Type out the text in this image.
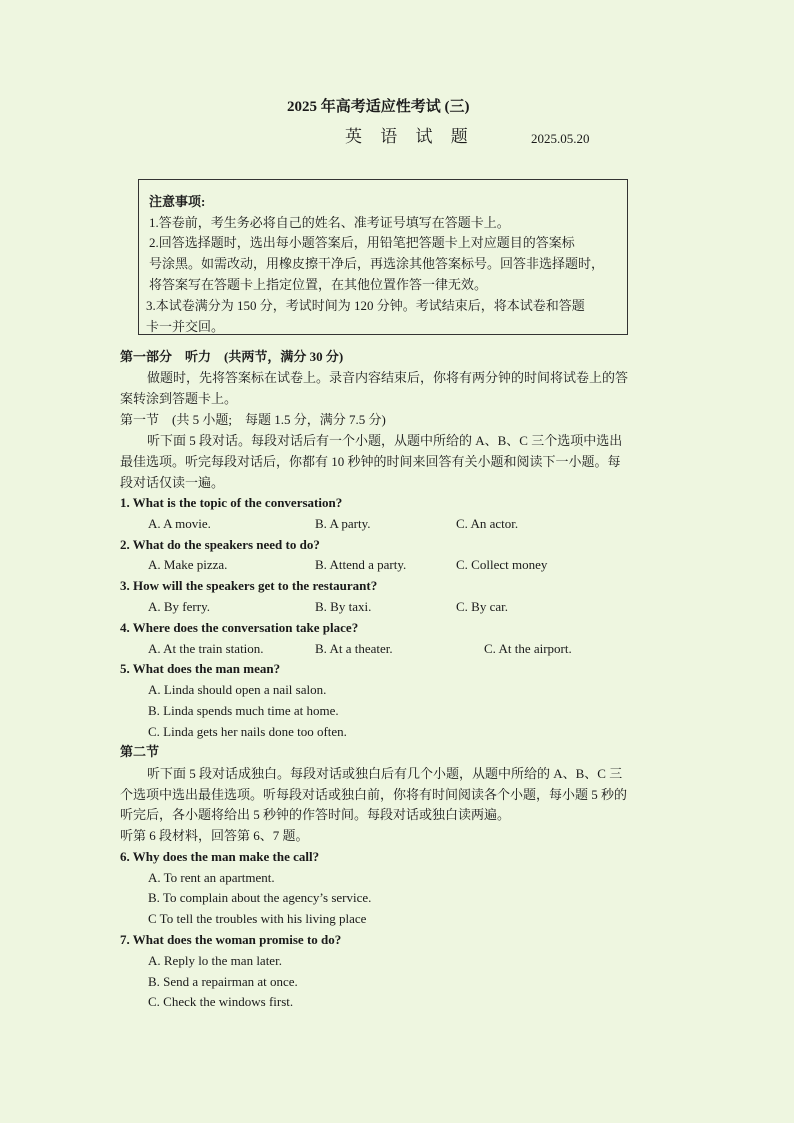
2025 年高考适应性考试 (三)
英 语 试 题	2025.05.20
注意事项:
1.答卷前，考生务必将自己的姓名、准考证号填写在答题卡上。
2.回答选择题时，选出每小题答案后，用铅笔把答题卡上对应题目的答案标
号涂黑。如需改动，用橡皮擦干净后，再选涂其他答案标号。回答非选择题时，
将答案写在答题卡上指定位置，在其他位置作答一律无效。
3.本试卷满分为 150 分，考试时间为 120 分钟。考试结束后，将本试卷和答题
卡一并交回。
第一部分　听力　(共两节，满分 30 分)
做题时，先将答案标在试卷上。录音内容结束后，你将有两分钟的时间将试卷上的答
案转涂到答题卡上。
第一节　(共 5 小题;　每题 1.5 分，满分 7.5 分)
听下面 5 段对话。每段对话后有一个小题，从题中所给的 A、B、C 三个选项中选出
最佳选项。听完每段对话后，你都有 10 秒钟的时间来回答有关小题和阅读下一小题。每
段对话仅读一遍。
1. What is the topic of the conversation?
A. A movie.	B. A party.	C. An actor.
2. What do the speakers need to do?
A. Make pizza.	B. Attend a party.	C. Collect money
3. How will the speakers get to the restaurant?
A. By ferry.	B. By taxi.	C. By car.
4. Where does the conversation take place?
A. At the train station.	B. At a theater.	C. At the airport.
5. What does the man mean?
A. Linda should open a nail salon.
B. Linda spends much time at home.
C. Linda gets her nails done too often.
第二节
听下面 5 段对话成独白。每段对话或独白后有几个小题，从题中所给的 A、B、C 三
个选项中选出最佳选项。听每段对话或独白前，你将有时间阅读各个小题，每小题 5 秒的
听完后，各小题将给出 5 秒钟的作答时间。每段对话或独白读两遍。
听第 6 段材料，回答第 6、7 题。
6. Why does the man make the call?
A. To rent an apartment.
B. To complain about the agency’s service.
C To tell the troubles with his living place
7. What does the woman promise to do?
A. Reply lo the man later.
B. Send a repairman at once.
C. Check the windows first.
